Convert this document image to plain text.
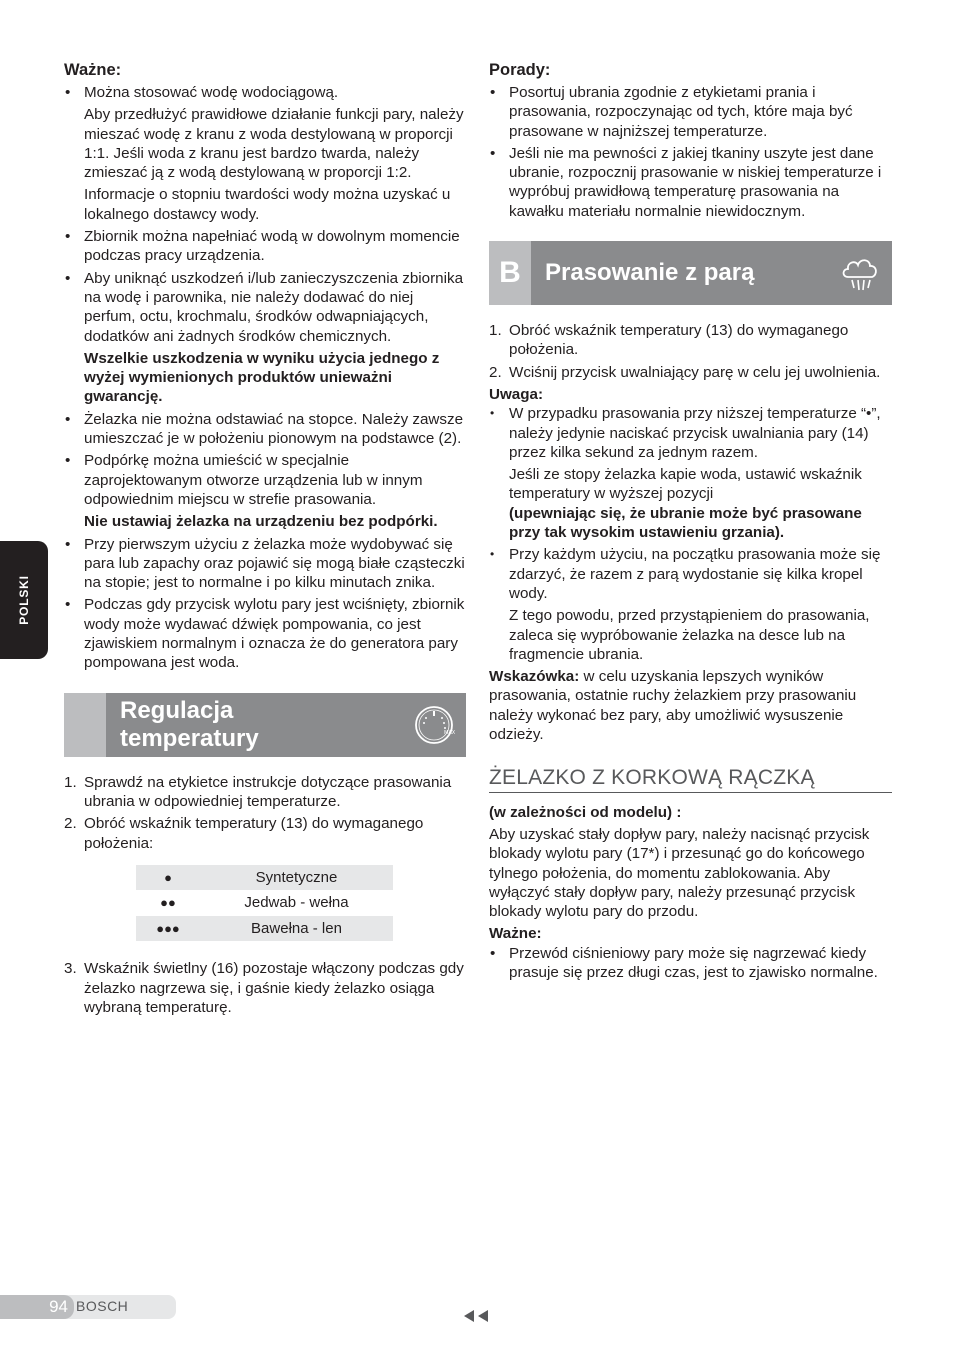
POLSKI
Ważne:

• Można stosować wodę wodociągową.

Aby przedłużyć prawidłowe działanie funkcji pary, należy mieszać wodę z kranu z woda destylowaną w proporcji 1:1. Jeśli woda z kranu jest bardzo twarda, należy zmieszać ją z wodą destylowaną w proporcji 1:2.

Informacje o stopniu twardości wody można uzyskać u lokalnego dostawcy wody.

• Zbiornik można napełniać wodą w dowolnym momencie podczas pracy urządzenia.

• Aby uniknąć uszkodzeń i/lub zanieczyszczenia zbiornika na wodę i parownika, nie należy dodawać do niej perfum, octu, krochmalu, środków odwapniających, dodatków ani żadnych środków chemicznych.

Wszelkie uszkodzenia w wyniku użycia jednego z wyżej wymienionych produktów unieważni gwarancję.

• Żelazka nie można odstawiać na stopce. Należy zawsze umieszczać je w położeniu pionowym na podstawce (2).

• Podpórkę można umieścić w specjalnie zaprojektowanym otworze urządzenia lub w innym odpowiednim miejscu w strefie prasowania.

Nie ustawiaj żelazka na urządzeniu bez podpórki.

• Przy pierwszym użyciu z żelazka może wydobywać się para lub zapachy oraz pojawić się mogą białe cząsteczki na stopie; jest to normalne i po kilku minutach znika.

• Podczas gdy przycisk wylotu pary jest wciśnięty, zbiornik wody może wydawać dźwięk pompowania, co jest zjawiskiem normalnym i oznacza że do generatora pary pompowana jest woda.

Regulacja
temperatury	MAX
1. Sprawdź na etykietce instrukcje dotyczące prasowania ubrania w odpowiedniej temperaturze.

2. Obróć wskaźnik temperatury (13) do wymaganego położenia:

●	Syntetyczne
●●	Jedwab - wełna
●●●	Bawełna - len
3. Wskaźnik świetlny (16) pozostaje włączony podczas gdy żelazko nagrzewa się, i gaśnie kiedy żelazko osiąga wybraną temperaturę.

Porady:

• Posortuj ubrania zgodnie z etykietami prania i prasowania, rozpoczynając od tych, które maja być prasowane w najniższej temperaturze.

• Jeśli nie ma pewności z jakiej tkaniny uszyte jest dane ubranie, rozpocznij prasowanie w niskiej temperaturze i wypróbuj prawidłową temperaturę prasowania na kawałku materiału normalnie niewidocznym.

B	Prasowanie z parą
1. Obróć wskaźnik temperatury (13) do wymaganego położenia.

2. Wciśnij przycisk uwalniający parę w celu jej uwolnienia.

Uwaga:

• W przypadku prasowania przy niższej temperaturze “•”, należy jedynie naciskać przycisk uwalniania pary (14) przez kilka sekund za jednym razem.

Jeśli ze stopy żelazka kapie woda, ustawić wskaźnik temperatury w wyższej pozycji

(upewniając się, że ubranie może być prasowane przy tak wysokim ustawieniu grzania).

• Przy każdym użyciu, na początku prasowania może się zdarzyć, że razem z parą wydostanie się kilka kropel wody.

Z tego powodu, przed przystąpieniem do prasowania, zaleca się wypróbowanie żelazka na desce lub na fragmencie ubrania.

Wskazówka: w celu uzyskania lepszych wyników prasowania, ostatnie ruchy żelazkiem przy prasowaniu należy wykonać bez pary, aby umożliwić wysuszenie odzieży.

ŻELAZKO Z KORKOWĄ RĄCZKĄ

(w zależności od modelu) :

Aby uzyskać stały dopływ pary, należy nacisnąć przycisk blokady wylotu pary (17*) i przesunąć go do końcowego tylnego położenia, do momentu zablokowania. Aby wyłączyć stały dopływ pary, należy przesunąć przycisk blokady wylotu pary do przodu.

Ważne:

• Przewód ciśnieniowy pary może się nagrzewać kiedy prasuje się przez długi czas, jest to zjawisko normalne.

94 BOSCH
